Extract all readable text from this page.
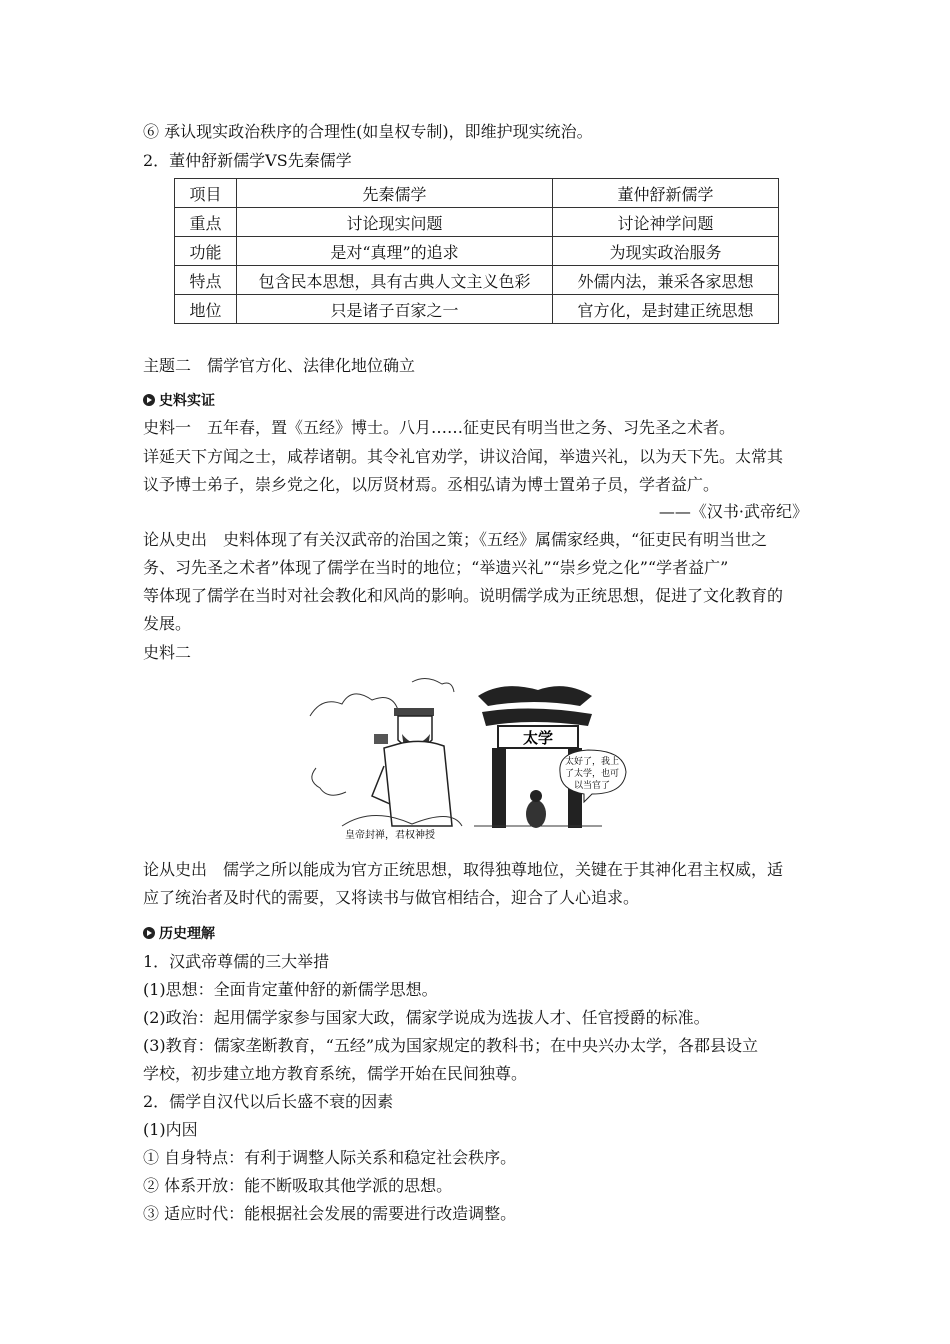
⑥ 承认现实政治秩序的合理性(如皇权专制)，即维护现实统治。
2．董仲舒新儒学VS先秦儒学
项目	先秦儒学	董仲舒新儒学
重点	讨论现实问题	讨论神学问题
功能	是对“真理”的追求	为现实政治服务
特点	包含民本思想，具有古典人文主义色彩	外儒内法，兼采各家思想
地位	只是诸子百家之一	官方化，是封建正统思想
主题二　儒学官方化、法律化地位确立
史料实证
史料一　五年春，置《五经》博士。八月……征吏民有明当世之务、习先圣之术者。
详延天下方闻之士，咸荐诸朝。其令礼官劝学，讲议洽闻，举遗兴礼，以为天下先。太常其
议予博士弟子，崇乡党之化，以厉贤材焉。丞相弘请为博士置弟子员，学者益广。
——《汉书·武帝纪》
论从史出　史料体现了有关汉武帝的治国之策；《五经》属儒家经典，“征吏民有明当世之
务、习先圣之术者”体现了儒学在当时的地位；“举遗兴礼”“崇乡党之化”“学者益广”
等体现了儒学在当时对社会教化和风尚的影响。说明儒学成为正统思想，促进了文化教育的
发展。
史料二
皇帝封禅，君权神授
太学
太好了，我上
了太学，也可
以当官了
论从史出　儒学之所以能成为官方正统思想，取得独尊地位，关键在于其神化君主权威，适
应了统治者及时代的需要，又将读书与做官相结合，迎合了人心追求。
历史理解
1．汉武帝尊儒的三大举措
(1)思想：全面肯定董仲舒的新儒学思想。
(2)政治：起用儒学家参与国家大政，儒家学说成为选拔人才、任官授爵的标准。
(3)教育：儒家垄断教育，“五经”成为国家规定的教科书；在中央兴办太学，各郡县设立
学校，初步建立地方教育系统，儒学开始在民间独尊。
2．儒学自汉代以后长盛不衰的因素
(1)内因
① 自身特点：有利于调整人际关系和稳定社会秩序。
② 体系开放：能不断吸取其他学派的思想。
③ 适应时代：能根据社会发展的需要进行改造调整。
